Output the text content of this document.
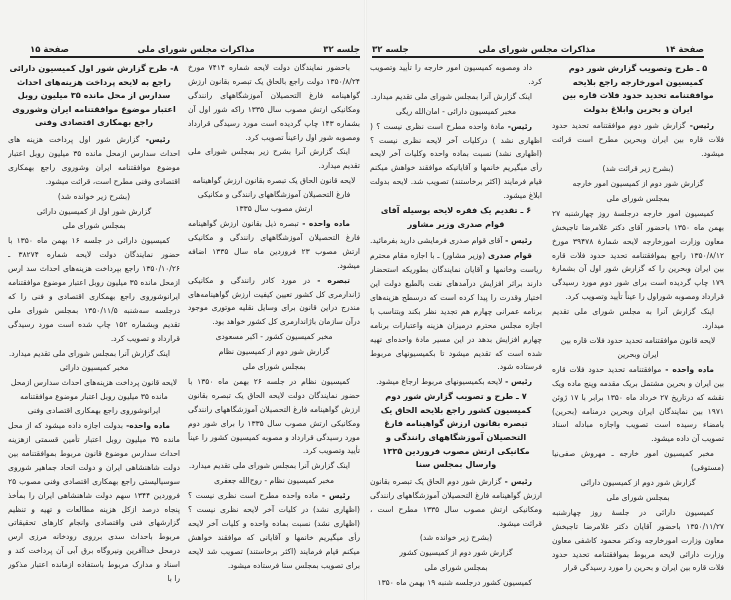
جلسه ۳۲
مذاکرات مجلس شورای ملی
صفحة ۱۵
باحضور نمایندگان دولت لایحه شماره ۷۴۱۴ مورخ ۱۳۵۰/۸/۲۴ دولت راجع بالحاق یک تبصره بقانون ارزش گواهینامه فارغ التحصیلان آموزشگاههای رانندگی ومکانیکی ارتش مصوب سال ۱۳۳۵ راکه شور اول آن بشماره ۱۴۳ چاپ گردیده است مورد رسیدگی قرارداد ومصوبه شور اول راعیناً تصویب کرد.
اینک گزارش آنرا بشرح زیر بمجلس شورای ملی تقدیم میدارد.
لایحه قانون الحاق یک تبصره بقانون ارزش گواهینامه فارغ التحصیلان آموزشگاههای رانندگی و مکانیکی ارتش مصوب سال ۱۳۳۵
ماده واحده - تبصره ذیل بقانون ارزش گواهینامه فارغ التحصیلان آموزشگاههای رانندگی و مکانیکی ارتش مصوب ۲۳ فروردین ماه سال ۱۳۳۵ اضافه میشود.
تبصره - در مورد کادر رانندگی و مکانیکی ژاندارمری کل کشور تعیین کیفیت ارزش گواهینامه‌های مندرج دراین قانون برای وسایل نقلیه موتوری موجود درآن سازمان باژاندارمری کل کشور خواهد بود.
مخبر کمیسیون کشور - اکبر مسعودی
گزارش شور دوم از کمیسیون نظام
بمجلس شورای ملی
کمیسیون نظام در جلسه ۲۶ بهمن ماه ۱۳۵۰ با حضور نمایندگان دولت لایحه الحاق یک تبصره بقانون ارزش گواهینامه فارغ التحصیلان آموزشگاههای رانندگی ومکانیکی ارتش مصوب سال ۱۳۳۵ را برای شور دوم مورد رسیدگی قرارداد و مصوبه کمیسیون کشور را عیناً تأیید وتصویب کرد.
اینک گزارش آنرا بمجلس شورای ملی تقدیم میدارد.
مخبر کمیسیون نظام - روح‌الله جعفری
رئیس - ماده واحده مطرح است نظری نیست ؟ (اظهاری نشد) در کلیات آخر لایحه نظری نیست ؟ (اظهاری نشد) نسبت بماده واحده و کلیات آخر لایحه رأی میگیریم خانمها و آقایانی که موافقند خواهش میکنم قیام فرمایند (اکثر برخاستند) تصویب شد لایحه برای تصویب بمجلس سنا فرستاده میشود.
۸- طرح گزارش شور اول کمیسیون دارائی راجع به لایحه پرداخت هزینه‌های احداث سدارس از محل مانده ۳۵ میلیون روبل اعتبار موضوع موافقتنامه ایران وشوروی راجع بهمکاری اقتصادی وفنی
رئیس- گزارش شور اول پرداخت هزینه های احداث سدارس ازمحل مانده ۳۵ میلیون روبل اعتبار موضوع موافقتنامه ایران وشوروی راجع بهمکاری اقتصادی وفنی مطرح است، قرائت میشود.
(بشرح زیر خوانده شد)
گزارش شور اول از کمیسیون دارائی
بمجلس شورای ملی
کمیسیون دارائی در جلسه ۱۶ بهمن ماه ۱۳۵۰ با حضور نمایندگان دولت لایحه شماره ۳۸۲۷۴ ـ ۱۳۵۰/۱۰/۲۶ راجع بپرداخت هزینه‌های احداث سد ارس ازمحل مانده ۳۵ میلیون روبل اعتبار موضوع موافقتنامه ایرانوشوروی راجع بهمکاری اقتصادی و فنی را که درجلسه سه‌شنبه ۱۳۵۰/۱۱/۵ بمجلس شورای ملی تقدیم وبشماره ۱۵۲ چاپ شده است مورد رسیدگی قرارداد و تصویب کرد.
اینک گزارش آنرا بمجلس شورای ملی تقدیم میدارد.
مخبر کمیسیون دارائی
لایحه قانون پرداخت هزینه‌های احداث سدارس ازمحل مانده ۳۵ میلیون روبل اعتبار موضوع موافقتنامه ایرانوشوروی راجع بهمکاری اقتصادی وفنی
ماده واحده- بدولت اجازه داده میشود که از محل مانده ۳۵ میلیون روبل اعتبار تأمین قسمتی ازهزینه احداث سدارس موضوع قانون مربوط بموافقتنامه بین دولت شاهنشاهی ایران و دولت اتحاد جماهیر شوروی سوسیالیستی راجع بهمکاری اقتصادی وفنی مصوب ۲۵ فروردین ۱۳۴۴ سهم دولت شاهنشاهی ایران را بمأخذ پنجاه درصد ازکل هزینه مطالعات و تهیه و تنظیم گزارشهای فنی واقتصادی وانجام کارهای تحقیقاتی مربوط باحداث سدی برروی رودخانه مرزی ارس درمحل خداآفرین ونیروگاه برق آبی آن پرداخت کند و اسناد و مدارک مربوط باستفاده ازمانده اعتبار مذکور را با
صفحة ۱۴
مذاکرات مجلس شورای ملی
جلسه ۳۲
۵ ـ طرح وتصویب گزارش شور دوم کمیسیون امورخارجه راجع بلایحه موافقتنامه تحدید حدود فلات قاره بین ایران و بحرین وابلاغ بدولت
رئیس- گزارش شور دوم موافقتنامه تحدید حدود فلات قاره بین ایران وبحرین مطرح است قرائت میشود.
(بشرح زیر قرائت شد)
گزارش شور دوم از کمیسیون امور خارجه
بمجلس شورای ملی
کمیسیون امور خارجه درجلسهٔ روز چهارشنبه ۲۷ بهمن ماه ۱۳۵۰ باحضور آقای دکتر غلامرضا تاجبخش معاون وزارت امورخارجه لایحه شمارهٔ ۳۹۴۷۸ مورخ ۱۳۵۰/۸/۱۲ راجع بموافقتنامه تحدید حدود فلات قاره بین ایران وبحرین را که گزارش شور اول آن بشمارهٔ ۱۷۹ چاپ گردیده است برای شور دوم مورد رسیدگی قرارداد ومصوبه شوراول را عیناً تأیید وتصویب کرد.
اینک گزارش آنرا به مجلس شورای ملی تقدیم میدارد.
لایحه قانون موافقتنامه تحدید حدود فلات قاره بین ایران وبحرین
ماده واحده - موافقتنامه تحدید حدود فلات قاره بین ایران و بحرین مشتمل بریک مقدمه وپنج ماده ویک نقشه که درتاریخ ۲۷ خرداد ماه ۱۳۵۰ برابر با ۱۷ ژوئن ۱۹۷۱ بین نمایندگان ایران وبحرین درمنامه (بحرین) بامضاء رسیده است تصویب واجازه مبادله اسناد تصویب آن داده میشود.
مخبر کمیسیون امور خارجه ـ مهروش صفی‌نیا (مستوفی)
گزارش شور دوم از کمیسیون دارائی
بمجلس شورای ملی
کمیسیون دارائی در جلسهٔ روز چهارشنبه ۱۳۵۰/۱۱/۲۷ باحضور آقایان دکتر غلامرضا تاجبخش معاون وزارت امورخارجه ودکتر محمود کاشفی معاون وزارت دارائی لایحه مربوط بموافقتنامه تحدید حدود فلات قاره بین ایران و بحرین را مورد رسیدگی قرار
داد ومصوبه کمیسیون امور خارجه را تأیید وتصویب کرد.
اینک گزارش آنرا بمجلس شورای ملی تقدیم میدارد.
مخبر کمیسیون دارائی - امان‌الله ریگی
رئیس- مادهٔ واحده مطرح است نظری نیست ؟ ( اظهاری نشد ) درکلیات آخر لایحه نظری نیست ؟ (اظهاری نشد) نسبت بماده واحده وکلیات آخر لایحه رأی میگیریم خانمها و آقایانیکه موافقند خواهش میکنم قیام فرمایند (اکثر برخاستند) تصویب شد. لایحه بدولت ابلاغ میشود.
۶ ـ تقدیم یک فقره لایحه بوسیله آقای قوام صدری وزیر مشاور
رئیس - آقای قوام صدری فرمایشی دارید بفرمائید.
قوام صدری (وزیر مشاور) ـ با اجازه مقام محترم ریاست وخانمها و آقایان نمایندگان بطوریکه استحضار دارند براثر افزایش درآمدهای نفت بالطبع دولت این اختیار وقدرت را پیدا کرده است که درسطح هزینه‌های برنامه عمرانی چهارم هم تجدید نظر بکند وبتناسب با اجازه مجلس محترم درمیزان هزینه واعتبارات برنامه چهارم افزایش بدهد در این مسیر مادهٔ واحده‌ای تهیه شده است که تقدیم میشود تا بکمیسیونهای مربوط فرستاده شود.
رئیس - لایحه بکمیسیونهای مربوط ارجاع میشود.
۷ ـ طرح و تصویب گزارش شور دوم کمیسیون کشور راجع بلایحه الحاق یک تبصره بقانون ارزش گواهینامه فارغ التحصیلان آموزشگاههای رانندگی و مکانیکی ارتش مصوب فروردین ۱۳۳۵ وارسال بمجلس سنا
رئیس - گزارش شور دوم الحاق یک تبصره بقانون ارزش گواهینامه فارغ التحصیلان آموزشگاههای رانندگی ومکانیکی ارتش مصوب سال ۱۳۳۵ مطرح است ، قرائت میشود.
(بشرح زیر خوانده شد)
گزارش شور دوم از کمیسیون کشور
بمجلس شورای ملی
کمیسیون کشور درجلسه شنبه ۱۹ بهمن ماه ۱۳۵۰
